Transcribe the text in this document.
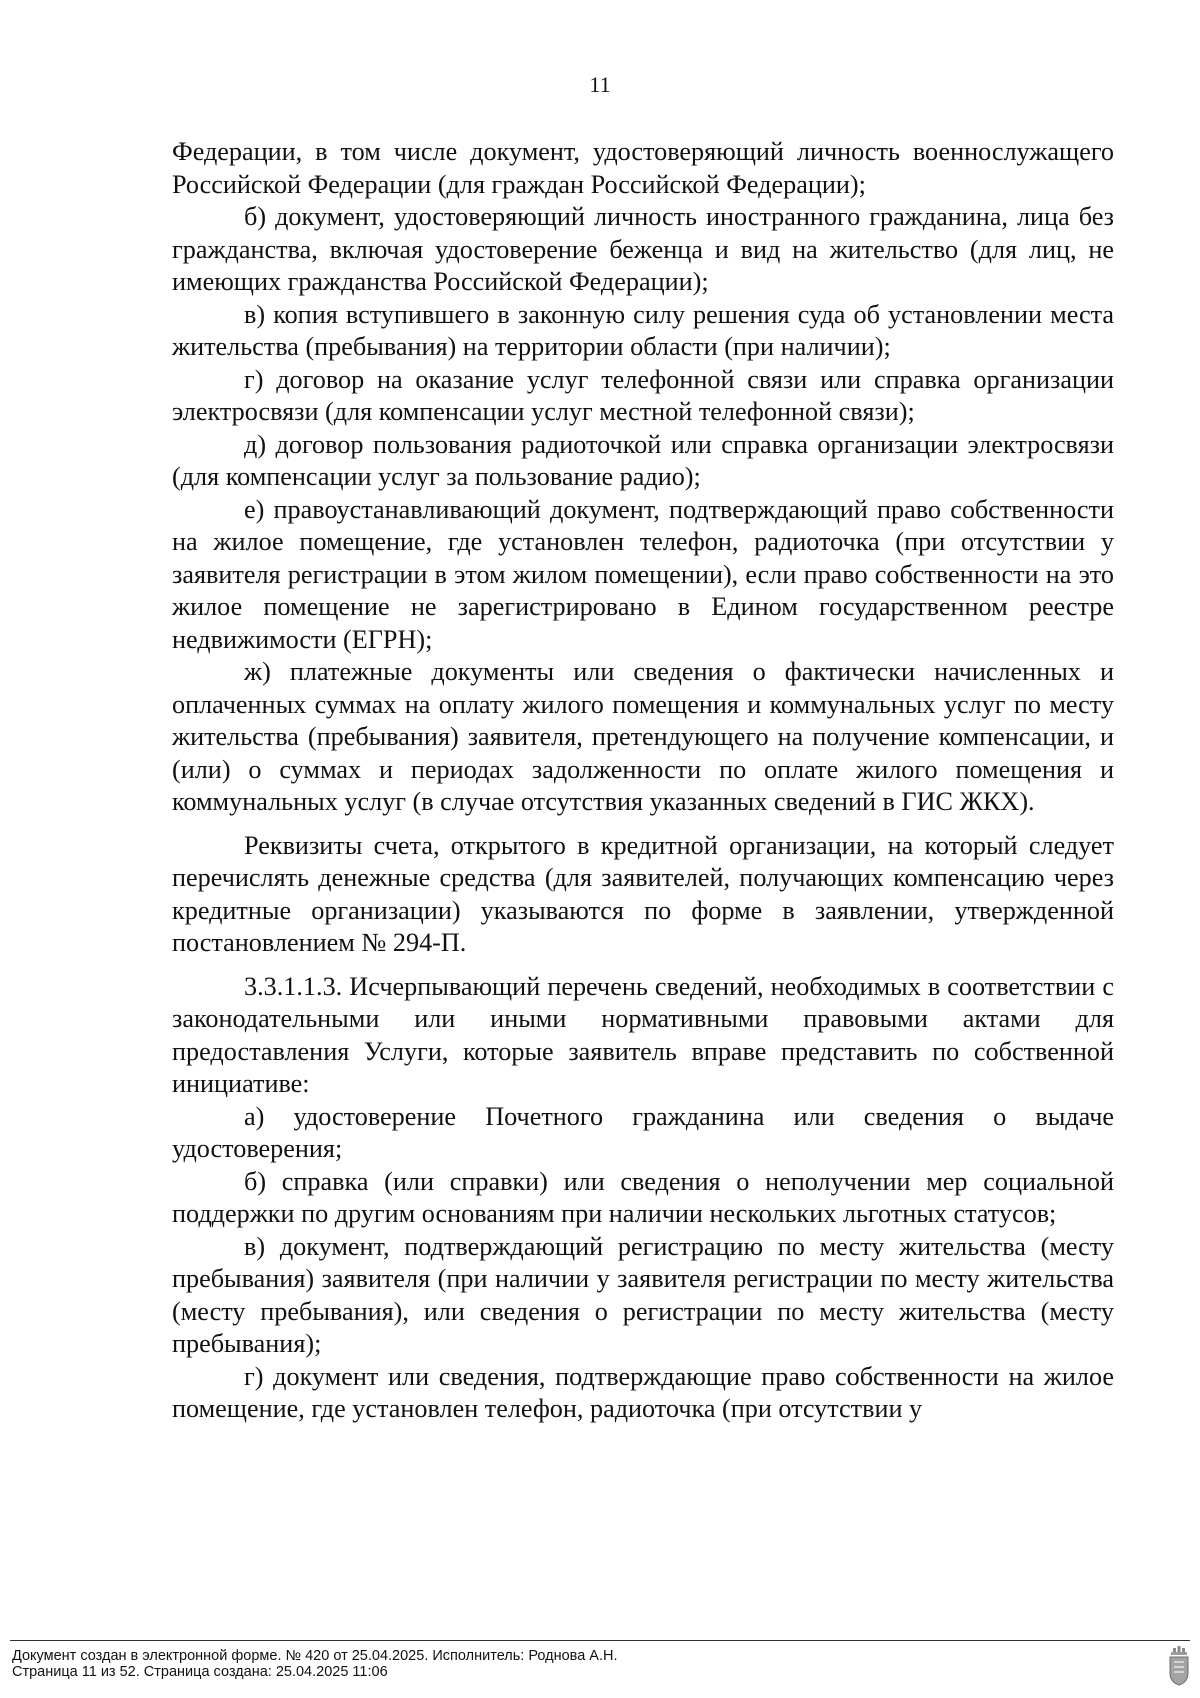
11

Федерации, в том числе документ, удостоверяющий личность военнослужащего Российской Федерации (для граждан Российской Федерации);

б) документ, удостоверяющий личность иностранного гражданина, лица без гражданства, включая удостоверение беженца и вид на жительство (для лиц, не имеющих гражданства Российской Федерации);

в) копия вступившего в законную силу решения суда об установлении места жительства (пребывания) на территории области (при наличии);

г) договор на оказание услуг телефонной связи или справка организации электросвязи (для компенсации услуг местной телефонной связи);

д) договор пользования радиоточкой или справка организации электросвязи (для компенсации услуг за пользование радио);

е) правоустанавливающий документ, подтверждающий право собственности на жилое помещение, где установлен телефон, радиоточка (при отсутствии у заявителя регистрации в этом жилом помещении), если право собственности на это жилое помещение не зарегистрировано в Едином государственном реестре недвижимости (ЕГРН);

ж) платежные документы или сведения о фактически начисленных и оплаченных суммах на оплату жилого помещения и коммунальных услуг по месту жительства (пребывания) заявителя, претендующего на получение компенсации, и (или) о суммах и периодах задолженности по оплате жилого помещения и коммунальных услуг (в случае отсутствия указанных сведений в ГИС ЖКХ).

Реквизиты счета, открытого в кредитной организации, на который следует перечислять денежные средства (для заявителей, получающих компенсацию через кредитные организации) указываются по форме в заявлении, утвержденной постановлением № 294-П.

3.3.1.1.3. Исчерпывающий перечень сведений, необходимых в соответствии с законодательными или иными нормативными правовыми актами для предоставления Услуги, которые заявитель вправе представить по собственной инициативе:

а) удостоверение Почетного гражданина или сведения о выдаче удостоверения;

б) справка (или справки) или сведения о неполучении мер социальной поддержки по другим основаниям при наличии нескольких льготных статусов;

в) документ, подтверждающий регистрацию по месту жительства (месту пребывания) заявителя (при наличии у заявителя регистрации по месту жительства (месту пребывания), или сведения о регистрации по месту жительства (месту пребывания);

г) документ или сведения, подтверждающие право собственности на жилое помещение, где установлен телефон, радиоточка (при отсутствии у

Документ создан в электронной форме. № 420 от 25.04.2025. Исполнитель: Роднова А.Н.
Страница 11 из 52. Страница создана: 25.04.2025 11:06
